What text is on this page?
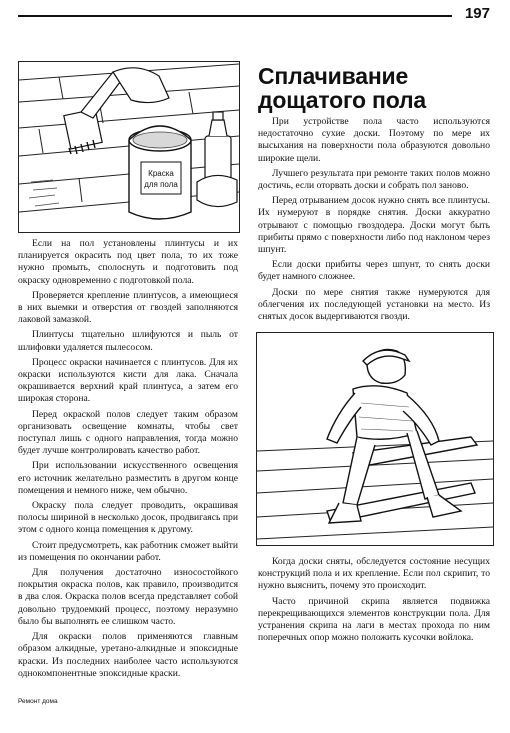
197
Краска
для пола
Сплачивание
дощатого пола

При устройстве пола часто используются недостаточно сухие доски. Поэтому по мере их высыхания на поверхности пола образуются довольно широкие щели.

Лучшего результата при ремонте таких полов можно достичь, если оторвать доски и собрать пол заново.

Перед отрыванием досок нужно снять все плинтусы. Их нумеруют в порядке снятия. Доски аккуратно отрывают с помощью гвоздодера. Доски могут быть прибиты прямо с поверхности либо под наклоном через шпунт.

Если доски прибиты через шпунт, то снять доски будет намного сложнее.

Доски по мере снятия также нумеруются для облегчения их последующей установки на место. Из снятых досок выдергиваются гвозди.

Когда доски сняты, обследуется состояние несущих конструкций пола и их крепление. Если пол скрипит, то нужно выяснить, почему это происходит.

Часто причиной скрипа является подвижка перекрещивающихся элементов конструкции пола. Для устранения скрипа на лаги в местах прохода по ним поперечных опор можно положить кусочки войлока.

Если на пол установлены плинтусы и их планируется окрасить под цвет пола, то их тоже нужно промыть, сполоснуть и подготовить под окраску одновременно с подготовкой пола.

Проверяется крепление плинтусов, а имеющиеся в них выемки и отверстия от гвоздей заполняются лаковой замазкой.

Плинтусы тщательно шлифуются и пыль от шлифовки удаляется пылесосом.

Процесс окраски начинается с плинтусов. Для их окраски используются кисти для лака. Сначала окрашивается верхний край плинтуса, а затем его широкая сторона.

Перед окраской полов следует таким образом организовать освещение комнаты, чтобы свет поступал лишь с одного направления, тогда можно будет лучше контролировать качество работ.

При использовании искусственного освещения его источник желательно разместить в другом конце помещения и немного ниже, чем обычно.

Окраску пола следует проводить, окрашивая полосы шириной в несколько досок, продвигаясь при этом с одного конца помещения к другому.

Стоит предусмотреть, как работник сможет выйти из помещения по окончании работ.

Для получения достаточно износостойкого покрытия окраска полов, как правило, производится в два слоя. Окраска полов всегда представляет собой довольно трудоемкий процесс, поэтому неразумно было бы выполнять ее слишком часто.

Для окраски полов применяются главным образом алкидные, уретано-алкидные и эпоксидные краски. Из последних наиболее часто используются однокомпонентные эпоксидные краски.

Ремонт дома
